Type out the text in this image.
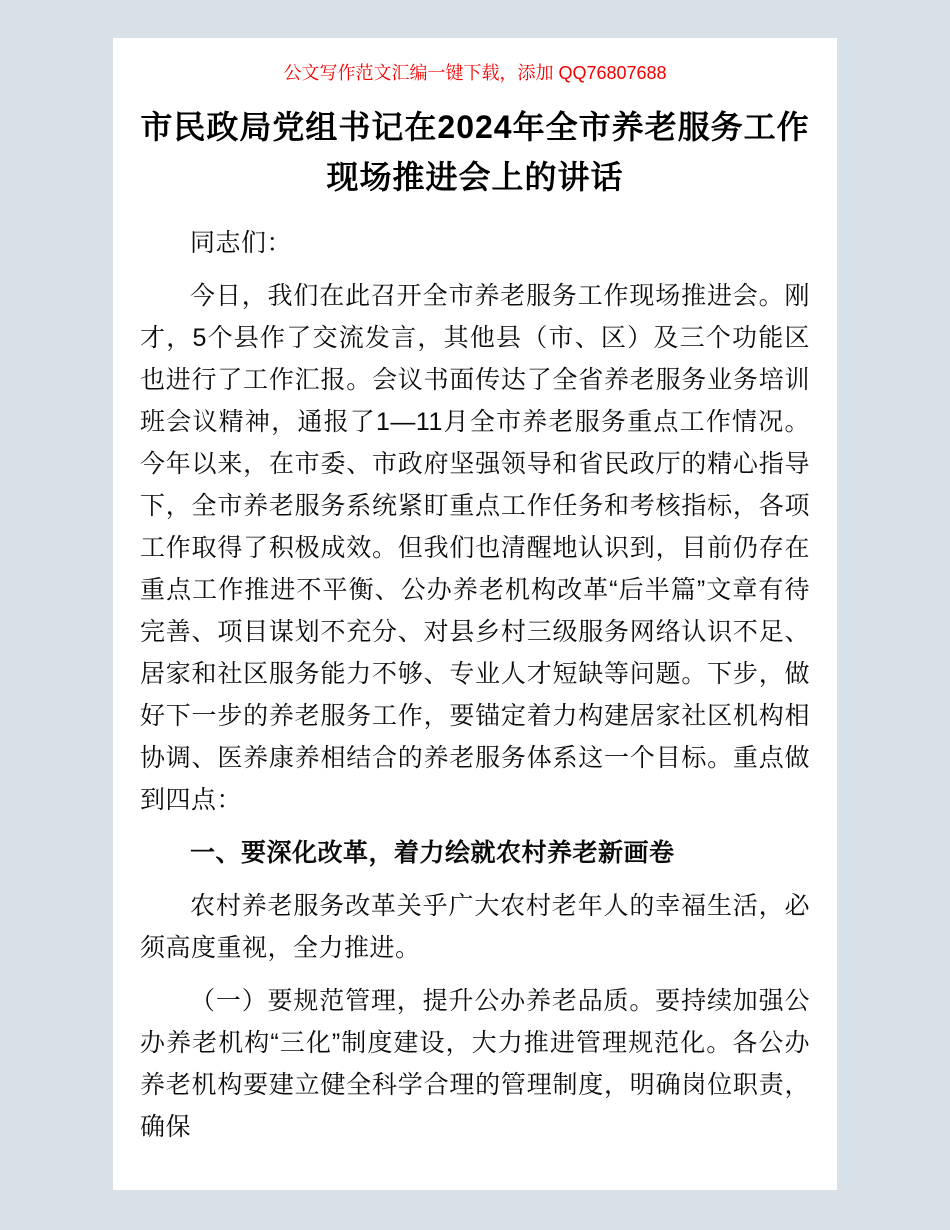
公文写作范文汇编一键下载，添加 QQ76807688
市民政局党组书记在2024年全市养老服务工作
现场推进会上的讲话

同志们：

今日，我们在此召开全市养老服务工作现场推进会。刚才，5个县作了交流发言，其他县（市、区）及三个功能区也进行了工作汇报。会议书面传达了全省养老服务业务培训班会议精神，通报了1—11月全市养老服务重点工作情况。今年以来，在市委、市政府坚强领导和省民政厅的精心指导下，全市养老服务系统紧盯重点工作任务和考核指标，各项工作取得了积极成效。但我们也清醒地认识到，目前仍存在重点工作推进不平衡、公办养老机构改革“后半篇”文章有待完善、项目谋划不充分、对县乡村三级服务网络认识不足、居家和社区服务能力不够、专业人才短缺等问题。下步，做好下一步的养老服务工作，要锚定着力构建居家社区机构相协调、医养康养相结合的养老服务体系这一个目标。重点做到四点：

一、要深化改革，着力绘就农村养老新画卷

农村养老服务改革关乎广大农村老年人的幸福生活，必须高度重视，全力推进。

（一）要规范管理，提升公办养老品质。要持续加强公办养老机构“三化”制度建设，大力推进管理规范化。各公办养老机构要建立健全科学合理的管理制度，明确岗位职责，确保
